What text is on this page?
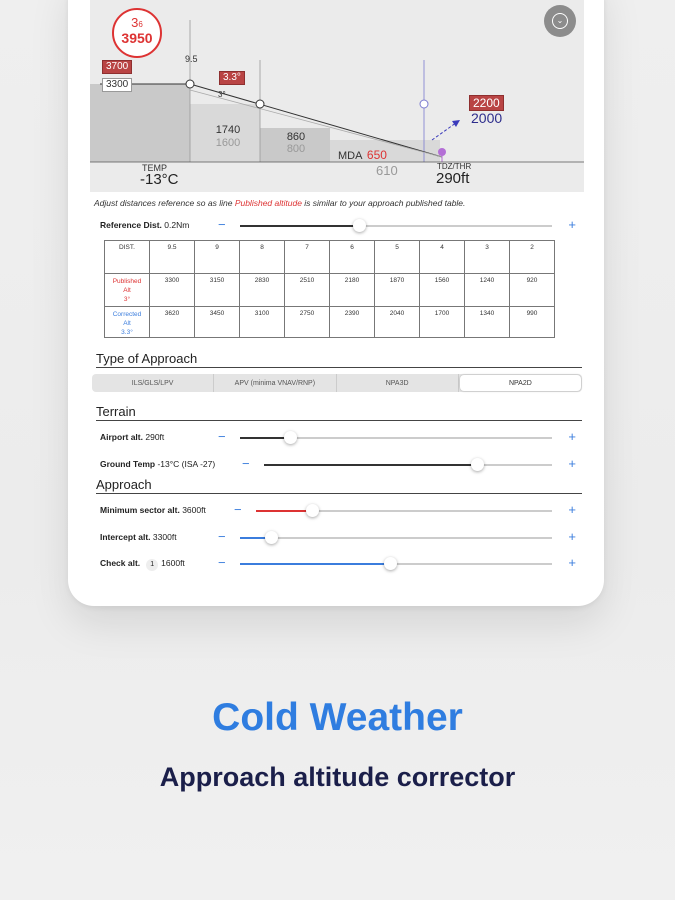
36
3950
3700
3300
9.5
3.3°
3°
1740
1600	860
800
MDA 650
610
2200
2000
TDZ/THR
290ft
TEMP
-13°C
⌄
Adjust distances reference so as line Published altitude is similar to your approach published table.
Reference Dist. 0.2Nm −	+
DIST.	9.5	9	8	7	6	5	4	3	2
Published
Alt
3°	3300	3150	2830	2510	2180	1870	1560	1240	920
Corrected
Alt
3.3°	3620	3450	3100	2750	2390	2040	1700	1340	990
Type of Approach
ILS/GLS/LPV	APV (minima VNAV/RNP)	NPA3D	NPA2D
Terrain
Airport alt. 290ft	−	+
Ground Temp -13°C (ISA -27) −	+
Approach
Minimum sector alt. 3600ft −	+
Intercept alt. 3300ft	−	+
Check alt. 1 1600ft	−	+
Cold Weather
Approach altitude corrector
